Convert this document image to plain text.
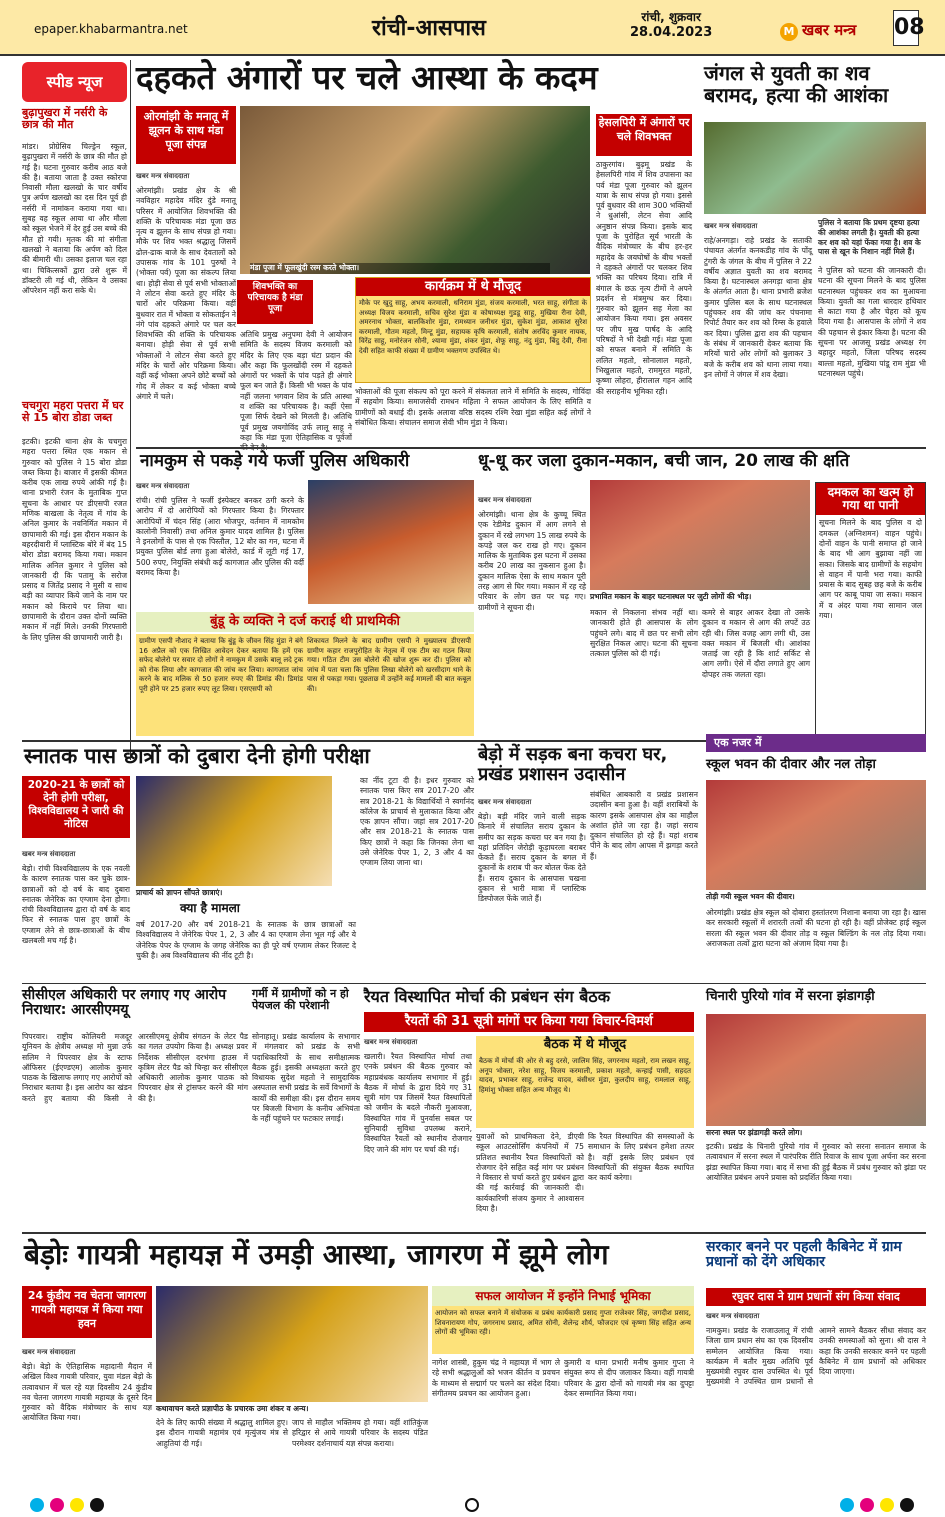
epaper.khabarmantra.net	रांची-आसपास	रांची, शुक्रवार
28.04.2023	M खबर मन्त्र 08
स्पीड न्यूज
बुढ़ापुखरा में नर्सरी के छात्र की मौत
मांडर। प्रोग्रेसिव चिल्ड्रेन स्कूल, बुढ़ापुखरा में नर्सरी के छात्र की मौत हो गई है। घटना गुरुवार करीब आठ बजे की है। बताया जाता है उक्त स्कोरपा निवासी मौला खलखो के चार वर्षीय पुत्र अर्पण खलखो का दस दिन पूर्व ही नर्सरी में नामांकन कराया गया था। सुबह वह स्कूल आया था और मौला को स्कूल भेजने में देर हुई उस बच्चे की मौत हो गयी। मृतक की मां संगीता खलखो ने बताया कि अर्पण को दिल की बीमारी थी। उसका इलाज चल रहा था। चिकित्सकों द्वारा उसे शुरू में डॉक्टरी ली गई थी, लेकिन वे उसका ऑपरेशन नहीं करा सके थे।
चचगुरा महरा पत्तरा में घर से 15 बोरा डोडा जब्त
इटकी। इटकी थाना क्षेत्र के चचगुरा महरा पत्तरा स्थित एक मकान से गुरुवार को पुलिस ने 15 बोरा डोडा जब्त किया है। बाजार में इसकी कीमत करीब एक लाख रुपये आंकी गई है। थाना प्रभारी रंजन के मुताबिक गुप्त सूचना के आधार पर डीएसपी रजत मणिक बाखला के नेतृत्व में गांव के अनिल कुमार के नवनिर्मित मकान में छापामारी की गई। इस दौरान मकान के बहरदीवारी में प्लास्टिक बोरे में बंद 15 बोरा डोडा बरामद किया गया। मकान मालिक अनिल कुमार ने पुलिस को जानकारी दी कि पतामु के सरोज प्रसाद व जितेंद्र प्रसाद ने मुसी व साथ बड़ी का व्यापार किये जाने के नाम पर मकान को किराये पर लिया था। छापामारी के दौरान उक्त दोनों व्यक्ति मकान में नहीं मिले। उनकी गिरफ्तारी के लिए पुलिस की छापामारी जारी है।
दहकते अंगारों पर चले आस्था के कदम
ओरमांझी के मनातू में झूलन के साथ मंडा पूजा संपन्न
मंडा पूजा में फूलखुंदी रस्म करते भोक्ता।
खबर मन्त्र संवाददाता
ओरमांझी। प्रखंड क्षेत्र के श्री नवविहार महादेव मंदिर दुंडे मनातू परिसर में आयोजित शिवभक्ति की शक्ति के परिचायक मंडा पूजा छठ नृत्य व झूलन के साथ संपन्न हो गया। मौके पर शिव भक्त श्रद्धालु जिसमें ढोल-ढाक बाजे के साथ देवतालों को उपासक गांव के 101 पुरुषों ने (भोक्ता पर्व) पूजा का संकल्प लिया था। होड़ी सेवा से पूर्व सभी भोक्ताओं ने लोटन सेवा करते हुए मंदिर के चारों ओर परिक्रमा किया। वहीं बुधवार रात में भोक्ता व सोकताईन ने नंगे पांव दहकते अंगारे पर चल कर शिवभक्ति की शक्ति के परिचायक बनाया। होड़ी सेवा से पूर्व सभी भोक्ताओं ने लोटन सेवा करते हुए मंदिर के चारों ओर परिक्रमा किया। वहीं कई भोक्ता अपने छोटे बच्चों को गोद में लेकर व कई भोक्ता बच्चे अंगारे में चले।
शिवभक्ति का परिचायक है मंडा पूजा
अतिथि प्रमुख अनुपमा देवी ने आयोजन समिति के सदस्य विजय करमाली को मंदिर के लिए एक बड़ा घंटा प्रदान की और कहा कि फूलखोंदी रस्म में दहकते अंगारों पर भक्तों के पांव पड़ते ही अंगारे फूल बन जाते हैं। किसी भी भक्त के पांव नहीं जलना भगवान शिव के प्रति आस्था व शक्ति का परिचायक है। कहीं ऐसा पूजा सिर्फ देखने को मिलती है। अतिथि पूर्व प्रमुख जयगोविंद उर्फ लालू साहू ने कहा कि मंडा पूजा ऐतिहासिक व पूर्वजों
कार्यक्रम में थे मौजूद
मौके पर खुदु साहू, अभय करमाली, धनिराम मुंडा, संजय करमाली, भरत साहू, संगीता के अध्यक्ष विजय करमाली, सचिव सुरेश मुंडा व कोषाध्यक्ष गुडडू साहू, मुखिया रीना देवी, अमरनाथ भोक्ता, बालकिशोर मुंडा, रामध्यान जनीधर मुंडा, सुकेश मुंडा, आकाश सुरेश करमाली, गौतम महतो, मिन्टू मुंडा, सहायक कृषि करमाली, संतोष अरविंद कुमार नायक, विरेंद्र साहू, मनोरंजन सोनी, श्यामा मुंडा, शंकर मुंडा, शेफू साहू, नंदु मुंडा, बिंदु देवी, रीना देवी सहित काफी संख्या में ग्रामीण भक्तगण उपस्थित थे।
भोक्ताओं की पूजा संकल्प को पूरा करने में संकलता लाने में समिति के सदस्य, गोविंदा में सहयोग किया। समाजसेवी रामधन महिला ने सफल आयोजन के लिए समिति व ग्रामीणों को बधाई दी। इसके अलावा वरिष्ठ सदस्य रश्मि रेखा मुंडा सहित कई लोगों ने संबोधित किया। संचालन समाज सेवी भीम मुंडा ने किया।
हेसलपिरी में अंगारों पर चले शिवभक्त
ठाकुरगांव। बुढ़मू प्रखंड के हेसलपिरी गांव में शिव उपासना का पर्व मंडा पूजा गुरुवार को झूलन यात्रा के साथ संपन्न हो गया। इससे पूर्व बुधवार की शाम 300 भक्तियों ने धुआंसी, लेटन सेवा आदि अनुष्ठान संपन्न किया। इसके बाद पूजा के पुरोहित सूर्य भारती के वैदिक मंत्रोच्चार के बीच हर-हर महादेव के जयघोषों के बीच भक्तों ने दहकते अंगारों पर चलकर शिव भक्ति का परिचय दिया। रात्रि में बंगाल के छऊ नृत्य टीमों ने अपने प्रदर्शन से मंत्रमुग्ध कर दिया। गुरुवार को झूलन सह मेला का आयोजन किया गया। इस अवसर पर जीप मुख पार्षद के आदि परिषदों ने भी देखी गई। मंडा पूजा को सफल बनाने में समिति के ललित महतो, सोनालाल महतो, भिखुलाल महतो, राममुरत महतो, कृष्णा लोहरा, हीरालाल गहन आदि की सराहनीय भूमिका रही।
जंगल से युवती का शव बरामद, हत्या की आशंका
खबर मन्त्र संवाददाता
राहे/अनगड़ा। राहे प्रखंड के सताकी पंचायत अंतर्गत कनकडीह गांव के पोंदू टुंगरी के जंगल के बीच में पुलिस ने 22 वर्षीय अज्ञात युवती का शव बरामद किया है। घटनास्थल अनगड़ा थाना क्षेत्र के अंतर्गत आता है। थाना प्रभारी ब्रजेश कुमार पुलिस बल के साथ घटनास्थल पहुंचकर शव की जांच कर पंचनामा रिपोर्ट तैयार कर शव को रिम्स के हवाले कर दिया। पुलिस द्वारा शव की पहचान के संबंध में जानकारी देकर बताया कि मरियों चारो ओर लोगों को बुलाकर 3 बजे के करीब शव को थाना लाया गया। इन लोगों ने जंगल में शव देखा।
पुलिस ने बताया कि प्रथम दृष्टया हत्या की आशंका लगती है। युवती की हत्या कर शव को यहां फेंका गया है। शव के पास से खून के निशान नहीं मिले हैं।
ने पुलिस को घटना की जानकारी दी। घटना की सूचना मिलने के बाद पुलिस घटनास्थल पहुंचकर शव का मुआयना किया। युवती का गला धारदार हथियार से काटा गया है और चेहरा को कूच दिया गया है। आसपास के लोगों ने शव की पहचान से इंकार किया है। घटना की सूचना पर आजसू प्रखंड अध्यक्ष रंग बहादुर महतो, जिला परिषद सदस्य बाल्ता महतो, मुखिया पांडू राम मुंडा भी घटनास्थल पहुंचे।
नामकुम से पकड़े गये फर्जी पुलिस अधिकारी
खबर मन्त्र संवाददाता
रांची। रांची पुलिस ने फर्जी इंस्पेक्टर बनकर ठगी करने के आरोप में दो आरोपियों को गिरफ्तार किया है। गिरफ्तार आरोपियों में चंदन सिंह (आरा भोजपुर, वर्तमान में नामकोम कालोनी निवासी) तथा अनिल कुमार यादव शामिल है। पुलिस ने इनलोगों के पास से एक पिस्तौल, 12 बोर का गन, घटना में प्रयुक्त पुलिस बोर्ड लगा हुआ बोलेरो, कार्ड में लूटी गई 17, 500 रुपए, नियुक्ति संबंधी कई कागजात और पुलिस की वर्दी बरामद किया है।
बुंडू के व्यक्ति ने दर्ज कराई थी प्राथमिकी
ग्रामीण एसपी नौशाद ने बताया कि बुंडू के जीवन सिंह मुंडा ने बंगे 16 अप्रैल को एक लिखित आवेदन देकर बताया कि हमें एक सफेद बोलेरो पर सवार दो लोगों ने नामकुम में उसके बालू लदे ट्रक को रोक लिया और कागजात की जांच कर लिया। कागजात जांच करने के बाद मलिक से 50 हजार रुपए की डिमांड की। डिमांड पूरी होने पर 25 हजार रुपए लूट लिया। एसएसपी को
शिकायत मिलने के बाद ग्रामीण एसपी ने मुख्यालय डीएसपी ग्रामीण कहार राजपुरोहित के नेतृत्व में एक टीम का गठन किया गया। गठित टीम उस बोलेरो की खोज शुरू कर दी। पुलिस को जांच में पता चला कि पुलिस लिखा बोलेरो को खरसीदाग थाने के पास से पकड़ा गया। पूछताछ में उन्होंने कई मामलों की बात कबूल की।
धू-धू कर जला दुकान-मकान, बची जान, 20 लाख की क्षति
खबर मन्त्र संवाददाता
ओरमांझी। थाना क्षेत्र के कुच्चू स्थित एक रेडीमेड दुकान में आग लगने से दुकान में रखे लगभग 15 लाख रुपये के कपड़े जल कर राख हो गए। दुकान मालिक के मुताबिक इस घटना में उसका करीब 20 लाख का नुकसान हुआ है। दुकान मालिक ऐसा के साथ मकान पूरी तरह आग से घिर गया। मकान में रह रहे परिवार के लोग छत पर चढ़ गए। ग्रामीणों ने सूचना दी।
प्रभावित मकान के बाहर घटनास्थल पर जुटी लोगों की भीड़।
मकान से निकलना संभव नहीं था। जानकारी होते ही आसपास के लोग पहुंचने लगे। बाद में छत पर सभी लोग सुरक्षित निकल आए। घटना की सूचना तत्काल पुलिस को दी गई।
कमरे से बाहर आकर देखा तो उसके दुकान व मकान से आग की लपटें उठ रही थी। जिस वजह आग लगी थी, उस वक्त मकान में बिजली थी। आशंका जताई जा रही है कि शार्ट सर्किट से आग लगी। ऐसे में दौरा लगाते हुए आग दोपहर तक जलता रहा।
दमकल का खत्म हो गया था पानी
सूचना मिलने के बाद पुलिस व दो दमकल (अग्निशमन) वाहन पहुंचे। दोनों वाहन के पानी समाप्त हो जाने के बाद भी आग बुझाया नहीं जा सका। जिसके बाद ग्रामीणों के सहयोग से वाहन में पानी भरा गया। काफी प्रयास के बाद सुबह छह बजे के करीब आग पर काबू पाया जा सका। मकान में व अंदर पाया गया सामान जल गया।
स्नातक पास छात्रों को दुबारा देनी होगी परीक्षा
2020-21 के छात्रों को देनी होगी परीक्षा, विश्वविद्यालय ने जारी की नोटिस
खबर मन्त्र संवाददाता
बेड़ो। रांची विश्वविद्यालय के एक नवली के कारण स्नातक पास कर चुके छात्र-छात्राओं को दो वर्ष के बाद दुबारा स्नातक जेनेरिक का एग्जाम देना होगा। रांची विश्वविद्यालय द्वारा दो वर्ष के बाद फिर से स्नातक पास हुए छात्रों के एग्जाम लेने से छात्र-छात्राओं के बीच खलबली मच गई है।
प्राचार्य को ज्ञापन सौंपते छात्राएं।
क्या है मामला
वर्ष 2017-20 और वर्ष 2018-21 के स्नातक के छात्र छात्राओं का विश्वविद्यालय ने जेनेरिक पेपर 1, 2, 3 और 4 का एग्जाम लेना भूल गई और ये जेनेरिक पेपर के एग्जाम के जगह जेनेरिक का ही पूरे वर्ष एग्जाम लेकर रिजल्ट दे चुकी है। अब विश्वविद्यालय की नींद टूटी है।
का नींद टूटा दी है। इधर गुरुवार को स्नातक पास किए सत्र 2017-20 और सत्र 2018-21 के विद्यार्थियों ने स्वर्गानंद कॉलेज के प्राचार्य से मुलाकात किया और एक ज्ञापन सौंपा। जहां सत्र 2017-20 और सत्र 2018-21 के स्नातक पास किए छात्रों ने कहा कि जिनका लेना था उसे जेनेरिक पेपर 1, 2, 3 और 4 का एग्जाम लिया जाना था।
बेड़ो में सड़क बना कचरा घर, प्रखंड प्रशासन उदासीन
खबर मन्त्र संवाददाता
बेड़ो। बड़ी मंदिर जाने वाली सड़क किनारे में संचालित सराय दुकान के समीप का सड़क कचरा घर बन गया है। यहां प्रतिदिन जेरोड़ी कूड़ाघरला बराबर फेंकते हैं। सराय दुकान के बगल में दुकानों के शराब पी कर बोतल फेंक देते हैं। सराय दुकान के आसपास चखना दुकान से भारी मात्रा में प्लास्टिक डिस्पोजल फेंके जाते हैं।
संबंधित आबकारी व प्रखंड प्रशासन उदासीन बना हुआ है। वहीं शराबियों के कारण इसके आसपास क्षेत्र का माहौल अशांत होते जा रहा है। जहां सराय दुकान संचालित हो रहे हैं। यहां शराब पीने के बाद लोग आपस में झगड़ा करते हैं।
एक नजर में
स्कूल भवन की दीवार और नल तोड़ा
तोड़ी गयी स्कूल भवन की दीवार।
ओरमांझी। प्रखंड क्षेत्र स्कूल को दोबारा हस्तांतरण निशाना बनाया जा रहा है। खास कर सरकारी स्कूलों में शरारती तत्वों की घटना हो रही है। वहीं प्रोजेक्ट हाई स्कूल सरला की स्कूल भवन की दीवार तोड़ व स्कूल बिल्डिंग के नल तोड़ दिया गया। अराजकता तत्वों द्वारा घटना को अंजाम दिया गया है।
सीसीएल अधिकारी पर लगाए गए आरोप निराधार: आरसीएमयू
पिपरवार। राष्ट्रीय कोलियरी मजदूर यूनियन के क्षेत्रीय अध्यक्ष मो मुन्ना उर्फ सलिम ने पिपरवार क्षेत्र के स्टाफ ऑफिसर (ईएण्डएम) आलोक कुमार पाठक के खिलाफ लगाए गए आरोपों को निराधार बताया है। इस आरोप का खंडन करते हुए बताया की किसी ने आरसीएमयू क्षेत्रीय संगठन के लेटर पैड का गलत उपयोग किया है। अध्यक्ष प्रवर निर्देशक सीसीएल दरभंगा हाउस में कृत्रिम लेटर पैड को चिन्हा कर सीसीएल अधिकारी आलोक कुमार पाठक को पिपरवार क्षेत्र से ट्रांसफर करने की मांग की है।
गर्मी में ग्रामीणों को न हो पेयजल की परेशानी
सोनाहातू। प्रखंड कार्यालय के सभागार में मंगलवार को प्रखंड के सभी पदाधिकारियों के साथ समीक्षात्मक बैठक हुई। इसकी अध्यक्षता करते हुए विधायक सुदेश महतो ने सामुदायिक अस्पताल सभी प्रखंड के सर्वे विभागों के कार्यों की समीक्षा की। इस दौरान समय पर बिजली विभाग के कनीय अभियंता के नहीं पहुंचने पर फटकार लगाई।
रैयत विस्थापित मोर्चा की प्रबंधन संग बैठक
रैयतों की 31 सूत्री मांगों पर किया गया विचार-विमर्श
खबर मन्त्र संवाददाता
खलारी। रैयत विस्थापित मोर्चा तथा एनके प्रबंधन की बैठक गुरुवार को महाप्रबंधक कार्यालय सभागार में हुई। बैठक में मोर्चा के द्वारा दिये गए 31 सूत्री मांग पत्र जिसमें रैयत विस्थापितों को जमीन के बदले नौकरी मुआवजा, विस्थापित गांव में पुनर्वास सबल पर सुनियादी सुविधा उपलब्ध कराने, विस्थापित रैयतों को स्थानीय रोजगार दिए जाने की मांग पर चर्चा की गई।
बैठक में थे मौजूद
बैठक में मोर्चा की ओर से बहु दरसे, जालिम सिंह, जगरनाथ महतो, राम लखन साहू, अनूप भोक्ता, नरेश साहू, विजय करमाली, प्रकाश महतो, कन्हाई पासी, सहदत यादव, प्रभाकर साहू, राजेन्द्र यादव, बंसीधर मुंडा, कुलदीप साहू, रामलाल साहू, हिमांशु भोक्ता सहित अन्य मौजूद थे।
युवाओं को प्राथमिकता देने, डीएवी स्कूल आउटसोर्सिंग कंपनियों में 75 प्रतिशत स्थानीय रैयत विस्थापितों को रोजगार देने सहित कई मांग पर प्रबंधन ने विस्तार से चर्चा करते हुए प्रबंधन द्वारा की गई कार्रवाई की जानकारी दी। कार्यकारिणी संजय कुमार ने आश्वासन दिया है।
कि रैयत विस्थापित की समस्याओं के समाधान के लिए प्रबंधन हमेशा तत्पर है। वहीं इसके लिए प्रबंधन एवं विस्थापितों की संयुक्त बैठक स्थापित कर कार्य करेगा।
चिनारी पुरियो गांव में सरना झंडागड़ी
सरना स्थल पर झंडागड़ी करते लोग।
इटकी। प्रखंड के चिनारी पुरियो गांव में गुरुवार को सरना सनातन समाज के तत्वावधान में सरना स्थल में पारंपरिक रीति रिवाज के साथ पूजा अर्चना कर सरना झंडा स्थापित किया गया। बाद में सभा की हुई बैठक में प्रबंध गुरुवार को झंडा पर आयोजित प्रबंधन अपने प्रयास को प्रदर्शित किया गया।
बेड़ोः गायत्री महायज्ञ में उमड़ी आस्था, जागरण में झूमे लोग
24 कुंडीय नव चेतना जागरण गायत्री महायज्ञ में किया गया हवन
खबर मन्त्र संवाददाता
बेड़ो। बेड़ो के ऐतिहासिक महादानी मैदान में अखिल विश्व गायत्री परिवार, युवा मंडल बेड़ो के तत्वावधान में चल रहे यज्ञ दिवसीय 24 कुंडीय नव चेतना जागरण गायत्री महायज्ञ के दूसरे दिन गुरुवार को वैदिक मंत्रोच्चार के साथ यज्ञ आयोजित किया गया।
कथावाचन करते प्रज्ञापीठ के प्रचारक उमा शंकर व अन्य।
देने के लिए काफी संख्या में श्रद्धालु शामिल हुए। इस दौरान गायत्री महामंत्र एवं मृत्युंजय मंत्र से आहुतियां दी गई।
जाप से माहौल भक्तिमय हो गया। वहीं शांतिकुंज हरिद्वार से आये गायत्री परिवार के सदस्य पंडित परमेश्वर दर्शनाचार्य यज्ञ संपन्न कराया।
सफल आयोजन में इन्होंने निभाई भूमिका
आयोजन को सफल बनाने में संयोजक व प्रबंध कार्यकारी प्रसाद गुप्ता राजेश्वर सिंह, जगदीश प्रसाद, शिवनारायण गोप, जगरनाथ प्रसाद, अमित सोनी, शैलेन्द्र शौर्य, फौजदार एवं कृष्णा सिंह सहित अन्य लोगों की भूमिका रही।
नागेश शास्त्री, हुकुम चंद्र ने महायज्ञ में भाग ले रहे सभी श्रद्धालुओं को भजन कीर्तन व प्रवचन के माध्यम से सद्मार्ग पर चलने का संदेश दिया। संगीतमय प्रवचन का आयोजन हुआ।
कुमारी व थाना प्रभारी मनीष कुमार गुप्ता ने संयुक्त रूप से दीप जलाकर किया। वहीं गायत्री परिवार के द्वारा दोनों को गायत्री मंत्र का दुपट्टा देकर सम्मानित किया गया।
सरकार बनने पर पहली कैबिनेट में ग्राम प्रधानों को देंगे अधिकार
रघुवर दास ने ग्राम प्रधानों संग किया संवाद
खबर मन्त्र संवाददाता
नामकुम। प्रखंड के राजाउलातू में रांची जिला ग्राम प्रधान संघ का एक दिवसीय सम्मेलन आयोजित किया गया। कार्यक्रम में बतौर मुख्य अतिथि पूर्व मुख्यमंत्री रघुवर दास उपस्थित थे। पूर्व मुख्यमंत्री ने उपस्थित ग्राम प्रधानों से आमने सामने बैठकर सीधा संवाद कर उनकी समस्याओं को सुना। श्री दास ने कहा कि उनकी सरकार बनने पर पहली कैबिनेट में ग्राम प्रधानों को अधिकार दिया जाएगा।
